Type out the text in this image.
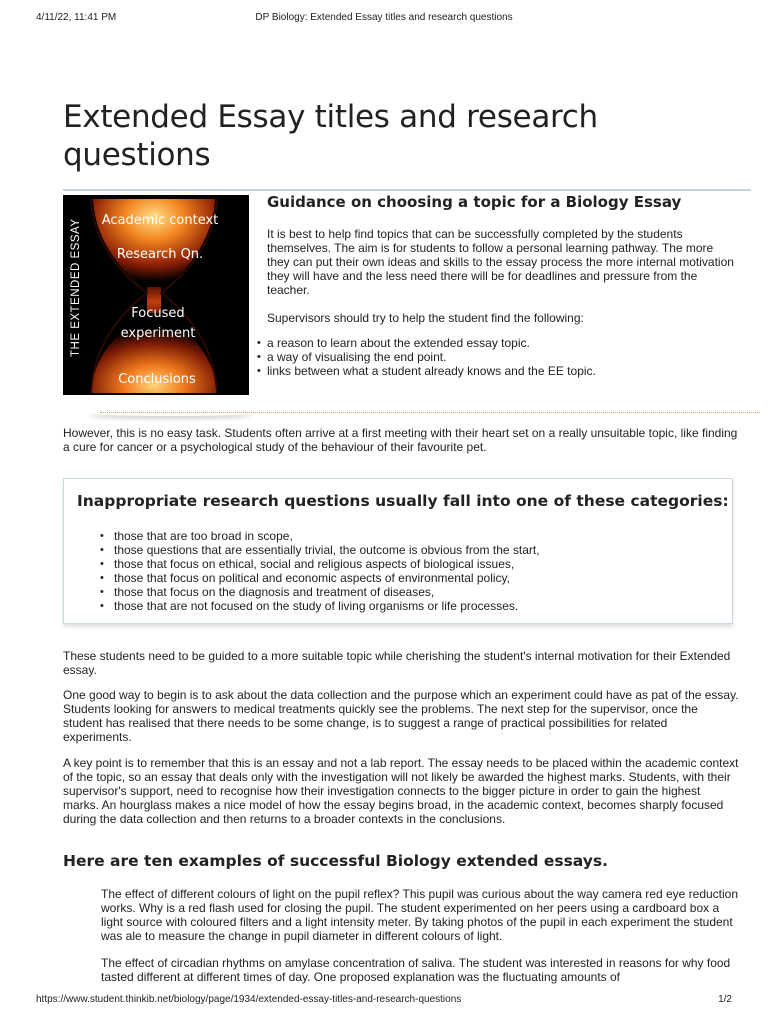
4/11/22, 11:41 PM	DP Biology: Extended Essay titles and research questions
Extended Essay titles and research questions
THE EXTENDED ESSAY Academic context
Research Qn.
Focused
experiment
Conclusions
Guidance on choosing a topic for a Biology Essay

It is best to help find topics that can be successfully completed by the students themselves. The aim is for students to follow a personal learning pathway. The more they can put their own ideas and skills to the essay process the more internal motivation they will have and the less need there will be for deadlines and pressure from the teacher.

Supervisors should try to help the student find the following:

• a reason to learn about the extended essay topic.
• a way of visualising the end point.
• links between what a student already knows and the EE topic.

However, this is no easy task. Students often arrive at a first meeting with their heart set on a really unsuitable topic, like finding a cure for cancer or a psychological study of the behaviour of their favourite pet.

Inappropriate research questions usually fall into one of these categories:
• those that are too broad in scope,
• those questions that are essentially trivial, the outcome is obvious from the start,
• those that focus on ethical, social and religious aspects of biological issues,
• those that focus on political and economic aspects of environmental policy,
• those that focus on the diagnosis and treatment of diseases,
• those that are not focused on the study of living organisms or life processes.

These students need to be guided to a more suitable topic while cherishing the student's internal motivation for their Extended essay.

One good way to begin is to ask about the data collection and the purpose which an experiment could have as pat of the essay. Students looking for answers to medical treatments quickly see the problems. The next step for the supervisor, once the student has realised that there needs to be some change, is to suggest a range of practical possibilities for related experiments.

A key point is to remember that this is an essay and not a lab report. The essay needs to be placed within the academic context of the topic, so an essay that deals only with the investigation will not likely be awarded the highest marks. Students, with their supervisor's support, need to recognise how their investigation connects to the bigger picture in order to gain the highest marks. An hourglass makes a nice model of how the essay begins broad, in the academic context, becomes sharply focused during the data collection and then returns to a broader contexts in the conclusions.

Here are ten examples of successful Biology extended essays.

The effect of different colours of light on the pupil reflex? This pupil was curious about the way camera red eye reduction works. Why is a red flash used for closing the pupil. The student experimented on her peers using a cardboard box a light source with coloured filters and a light intensity meter. By taking photos of the pupil in each experiment the student was ale to measure the change in pupil diameter in different colours of light.

The effect of circadian rhythms on amylase concentration of saliva. The student was interested in reasons for why food tasted different at different times of day. One proposed explanation was the fluctuating amounts of

https://www.student.thinkib.net/biology/page/1934/extended-essay-titles-and-research-questions	1/2
